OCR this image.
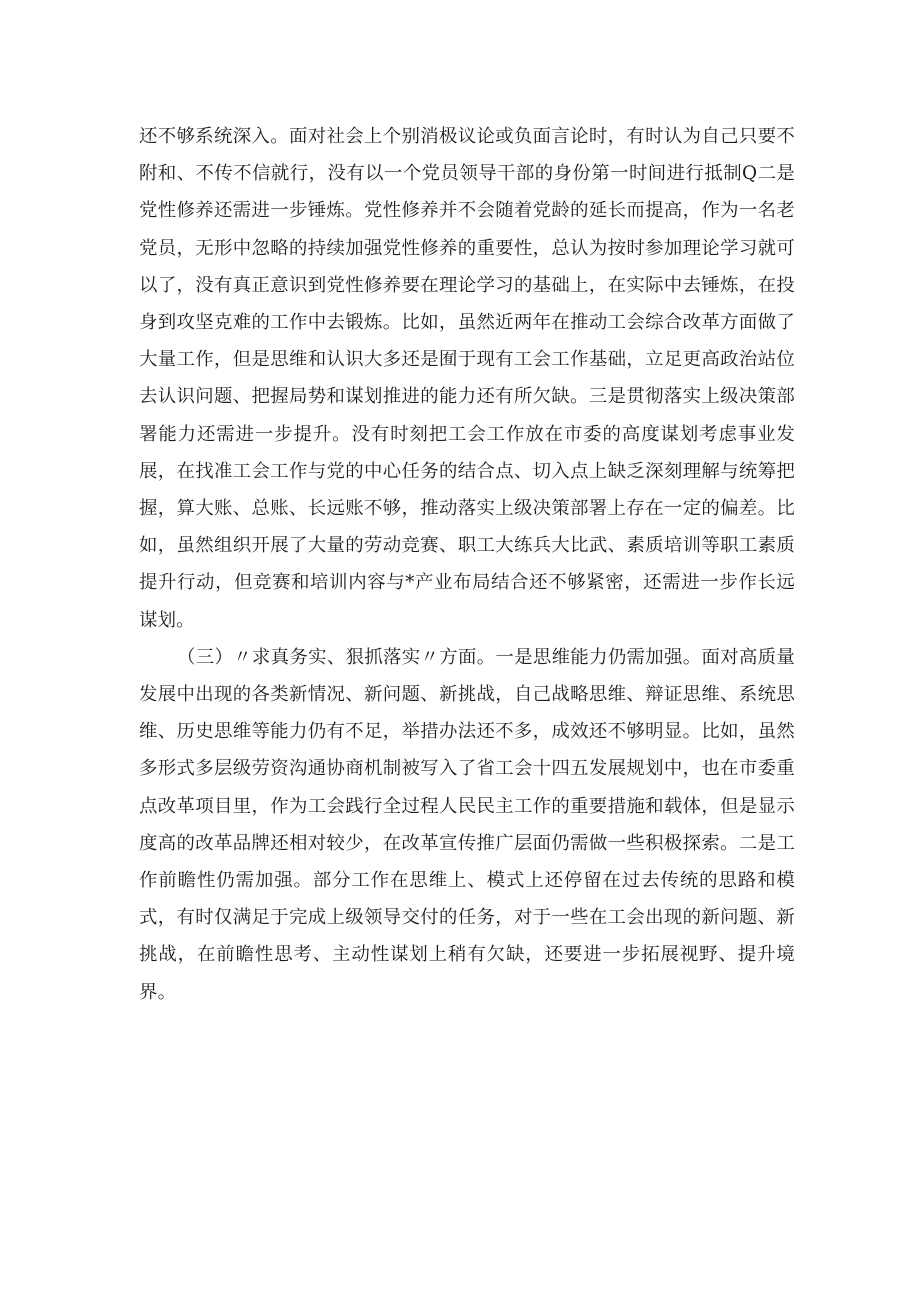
还不够系统深入。面对社会上个别消极议论或负面言论时，有时认为自己只要不附和、不传不信就行，没有以一个党员领导干部的身份第一时间进行抵制Q二是党性修养还需进一步锤炼。党性修养并不会随着党龄的延长而提高，作为一名老党员，无形中忽略的持续加强党性修养的重要性，总认为按时参加理论学习就可以了，没有真正意识到党性修养要在理论学习的基础上，在实际中去锤炼，在投身到攻坚克难的工作中去锻炼。比如，虽然近两年在推动工会综合改革方面做了大量工作，但是思维和认识大多还是囿于现有工会工作基础，立足更高政治站位去认识问题、把握局势和谋划推进的能力还有所欠缺。三是贯彻落实上级决策部署能力还需进一步提升。没有时刻把工会工作放在市委的高度谋划考虑事业发展，在找准工会工作与党的中心任务的结合点、切入点上缺乏深刻理解与统筹把握，算大账、总账、长远账不够，推动落实上级决策部署上存在一定的偏差。比如，虽然组织开展了大量的劳动竞赛、职工大练兵大比武、素质培训等职工素质提升行动，但竞赛和培训内容与*产业布局结合还不够紧密，还需进一步作长远谋划。

（三）〃求真务实、狠抓落实〃方面。一是思维能力仍需加强。面对高质量发展中出现的各类新情况、新问题、新挑战，自己战略思维、辩证思维、系统思维、历史思维等能力仍有不足，举措办法还不多，成效还不够明显。比如，虽然多形式多层级劳资沟通协商机制被写入了省工会十四五发展规划中，也在市委重点改革项目里，作为工会践行全过程人民民主工作的重要措施和载体，但是显示度高的改革品牌还相对较少，在改革宣传推广层面仍需做一些积极探索。二是工作前瞻性仍需加强。部分工作在思维上、模式上还停留在过去传统的思路和模式，有时仅满足于完成上级领导交付的任务，对于一些在工会出现的新问题、新挑战，在前瞻性思考、主动性谋划上稍有欠缺，还要进一步拓展视野、提升境界。
